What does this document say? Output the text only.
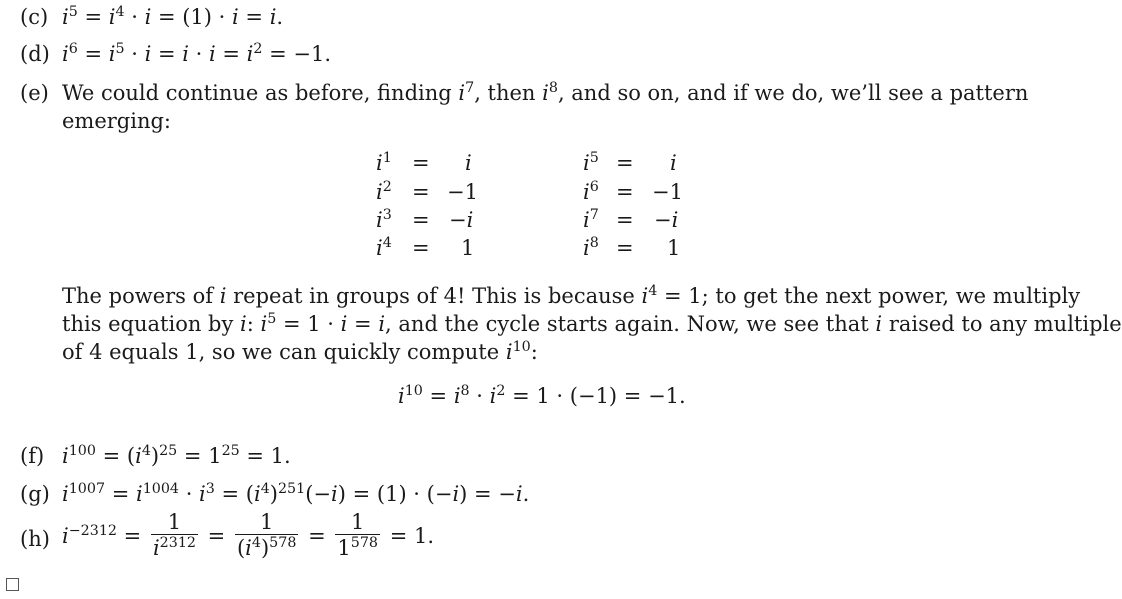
(c) $i^5 = i^4 \cdot i = (1) \cdot i = i$.
(d) $i^6 = i^5 \cdot i = i \cdot i = i^2 = -1$.
(e) We could continue as before, finding $i^7$, then $i^8$, and so on, and if we do, we’ll see a pattern
emerging:
$i^1 = i$	$i^5 = i$
$i^2 = -1$	$i^6 = -1$
$i^3 = -i$	$i^7 = -i$
$i^4 = 1$	$i^8 = 1$
The powers of i repeat in groups of 4! This is because $i^4 = 1$; to get the next power, we multiply
this equation by i: $i^5 = 1 \cdot i = i$, and the cycle starts again. Now, we see that i raised to any multiple
of 4 equals 1, so we can quickly compute $i^{10}$:
$i^{10} = i^8 \cdot i^2 = 1 \cdot (-1) = -1$.
(f) $i^{100} = (i^4)^{25} = 1^{25} = 1$.
(g) $i^{1007} = i^{1004} \cdot i^3 = (i^4)^{251}(-i) = (1) \cdot (-i) = -i$.
(h) $i^{-2312} = \frac{1}{i^{2312}} = \frac{1}{(i^4)^{578}} = \frac{1}{1^{578}} = 1$.
